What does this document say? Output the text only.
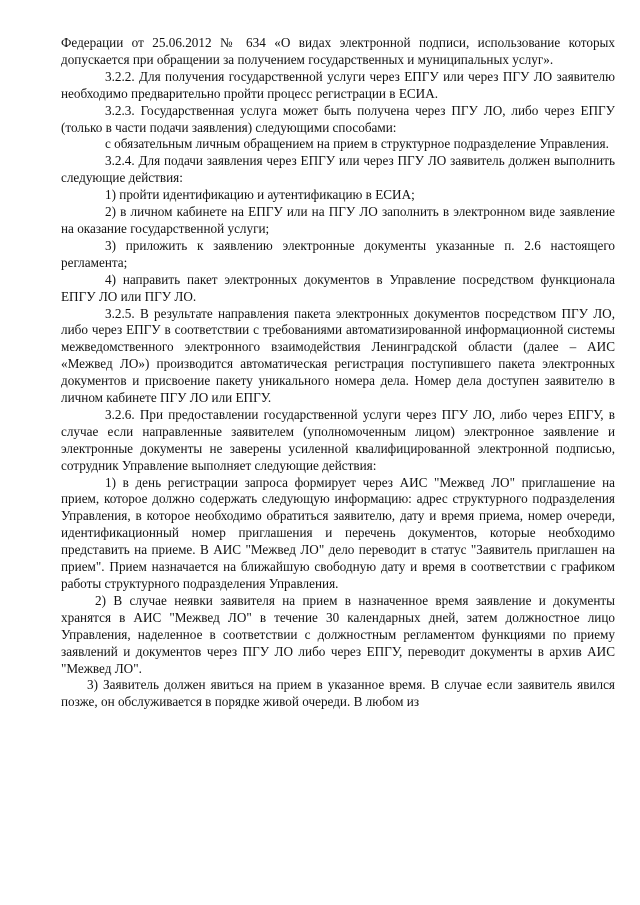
Федерации от 25.06.2012 № 634 «О видах электронной подписи, использование которых допускается при обращении за получением государственных и муниципальных услуг».

3.2.2. Для получения государственной услуги через ЕПГУ или через ПГУ ЛО заявителю необходимо предварительно пройти процесс регистрации в ЕСИА.

3.2.3. Государственная услуга может быть получена через ПГУ ЛО, либо через ЕПГУ (только в части подачи заявления) следующими способами:

с обязательным личным обращением на прием в структурное подразделение Управления.

3.2.4. Для подачи заявления через ЕПГУ или через ПГУ ЛО заявитель должен выполнить следующие действия:

1) пройти идентификацию и аутентификацию в ЕСИА;

2) в личном кабинете на ЕПГУ или на ПГУ ЛО заполнить в электронном виде заявление на оказание государственной услуги;

3) приложить к заявлению электронные документы указанные п. 2.6 настоящего регламента;

4) направить пакет электронных документов в Управление посредством функционала ЕПГУ ЛО или ПГУ ЛО.

3.2.5. В результате направления пакета электронных документов посредством ПГУ ЛО, либо через ЕПГУ в соответствии с требованиями автоматизированной информационной системы межведомственного электронного взаимодействия Ленинградской области (далее – АИС «Межвед ЛО») производится автоматическая регистрация поступившего пакета электронных документов и присвоение пакету уникального номера дела. Номер дела доступен заявителю в личном кабинете ПГУ ЛО или ЕПГУ.

3.2.6. При предоставлении государственной услуги через ПГУ ЛО, либо через ЕПГУ, в случае если направленные заявителем (уполномоченным лицом) электронное заявление и электронные документы не заверены усиленной квалифицированной электронной подписью, сотрудник Управление выполняет следующие действия:

1) в день регистрации запроса формирует через АИС "Межвед ЛО" приглашение на прием, которое должно содержать следующую информацию: адрес структурного подразделения Управления, в которое необходимо обратиться заявителю, дату и время приема, номер очереди, идентификационный номер приглашения и перечень документов, которые необходимо представить на приеме. В АИС "Межвед ЛО" дело переводит в статус "Заявитель приглашен на прием". Прием назначается на ближайшую свободную дату и время в соответствии с графиком работы структурного подразделения Управления.

2) В случае неявки заявителя на прием в назначенное время заявление и документы хранятся в АИС "Межвед ЛО" в течение 30 календарных дней, затем должностное лицо Управления, наделенное в соответствии с должностным регламентом функциями по приему заявлений и документов через ПГУ ЛО либо через ЕПГУ, переводит документы в архив АИС "Межвед ЛО".

3) Заявитель должен явиться на прием в указанное время. В случае если заявитель явился позже, он обслуживается в порядке живой очереди. В любом из
